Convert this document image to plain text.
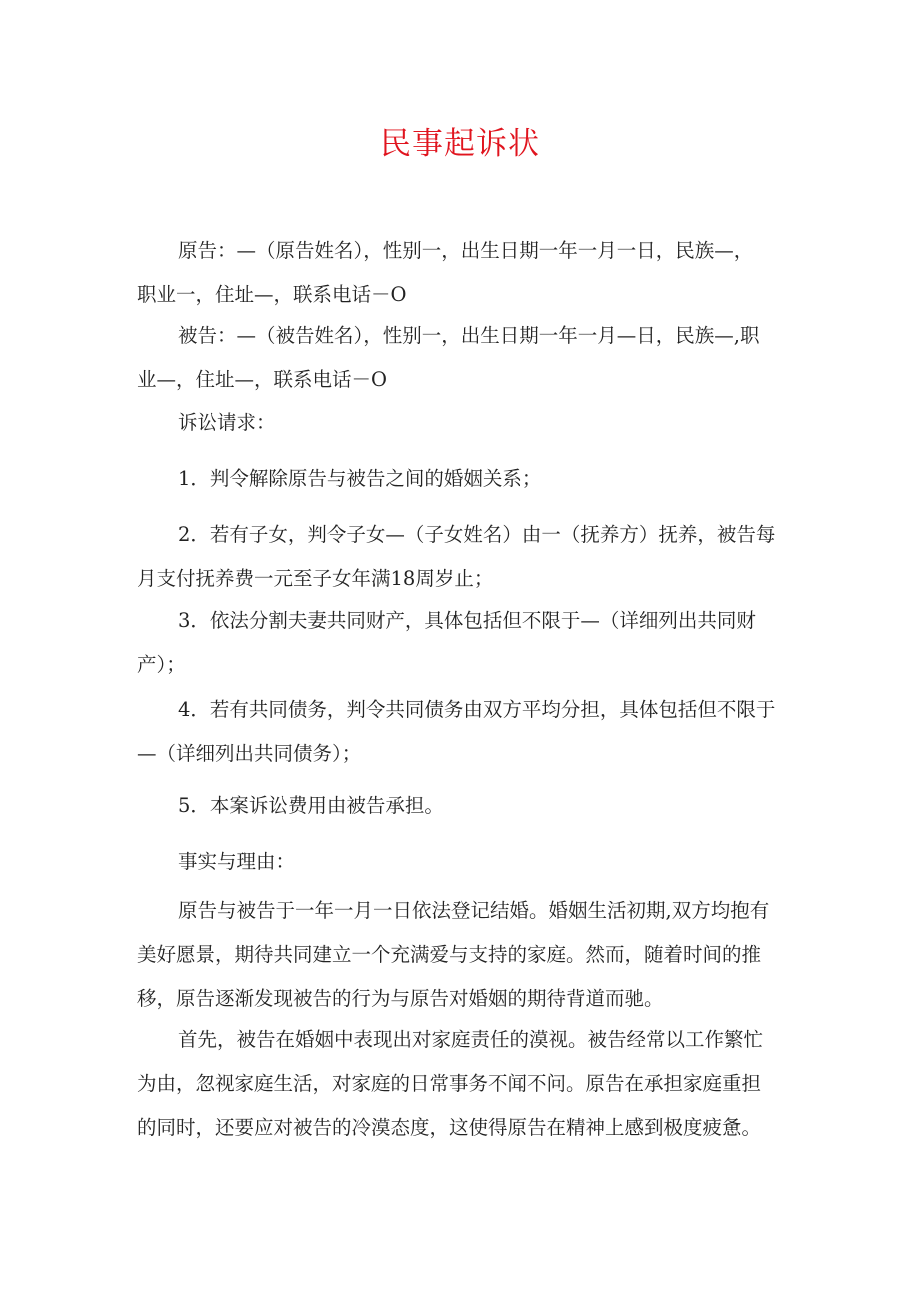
民事起诉状
原告：—（原告姓名），性别一，出生日期一年一月一日，民族—，
职业一，住址—，联系电话－O
被告：—（被告姓名），性别一，出生日期一年一月—日，民族—,职
业—，住址—，联系电话－O
诉讼请求：
1．判令解除原告与被告之间的婚姻关系；
2．若有子女，判令子女—（子女姓名）由一（抚养方）抚养，被告每
月支付抚养费一元至子女年满18周岁止；
3．依法分割夫妻共同财产，具体包括但不限于—（详细列出共同财
产）；
4．若有共同债务，判令共同债务由双方平均分担，具体包括但不限于
—（详细列出共同债务）；
5．本案诉讼费用由被告承担。
事实与理由：
原告与被告于一年一月一日依法登记结婚。婚姻生活初期,双方均抱有
美好愿景，期待共同建立一个充满爱与支持的家庭。然而，随着时间的推
移，原告逐渐发现被告的行为与原告对婚姻的期待背道而驰。
首先，被告在婚姻中表现出对家庭责任的漠视。被告经常以工作繁忙
为由，忽视家庭生活，对家庭的日常事务不闻不问。原告在承担家庭重担
的同时，还要应对被告的冷漠态度，这使得原告在精神上感到极度疲惫。
